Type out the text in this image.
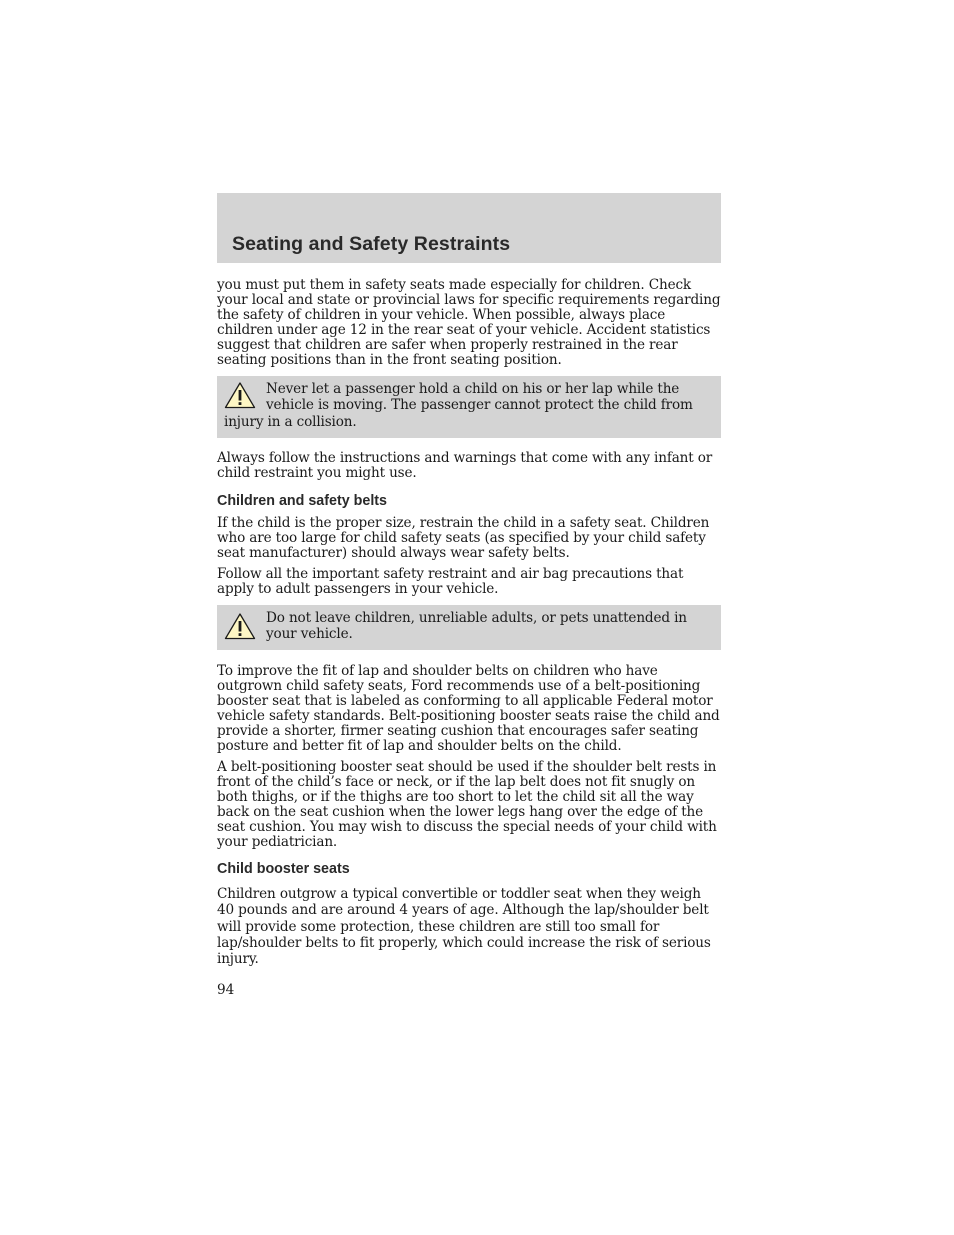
Seating and Safety Restraints

you must put them in safety seats made especially for children. Check your local and state or provincial laws for specific requirements regarding the safety of children in your vehicle. When possible, always place children under age 12 in the rear seat of your vehicle. Accident statistics suggest that children are safer when properly restrained in the rear seating positions than in the front seating position.

Never let a passenger hold a child on his or her lap while the vehicle is moving. The passenger cannot protect the child from injury in a collision.

Always follow the instructions and warnings that come with any infant or child restraint you might use.

Children and safety belts

If the child is the proper size, restrain the child in a safety seat. Children who are too large for child safety seats (as specified by your child safety seat manufacturer) should always wear safety belts.

Follow all the important safety restraint and air bag precautions that apply to adult passengers in your vehicle.

Do not leave children, unreliable adults, or pets unattended in your vehicle.

To improve the fit of lap and shoulder belts on children who have outgrown child safety seats, Ford recommends use of a belt-positioning booster seat that is labeled as conforming to all applicable Federal motor vehicle safety standards. Belt-positioning booster seats raise the child and provide a shorter, firmer seating cushion that encourages safer seating posture and better fit of lap and shoulder belts on the child.

A belt-positioning booster seat should be used if the shoulder belt rests in front of the child’s face or neck, or if the lap belt does not fit snugly on both thighs, or if the thighs are too short to let the child sit all the way back on the seat cushion when the lower legs hang over the edge of the seat cushion. You may wish to discuss the special needs of your child with your pediatrician.

Child booster seats

Children outgrow a typical convertible or toddler seat when they weigh 40 pounds and are around 4 years of age. Although the lap/shoulder belt will provide some protection, these children are still too small for lap/shoulder belts to fit properly, which could increase the risk of serious injury.

94
